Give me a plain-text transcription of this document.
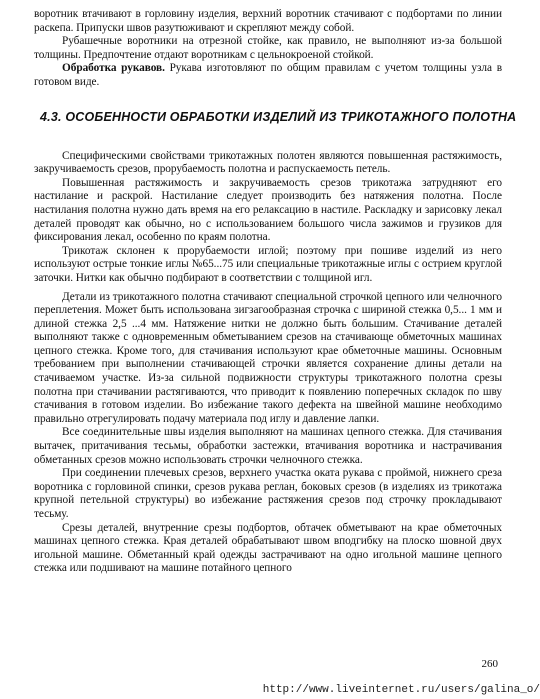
воротник втачивают в горловину изделия, верхний воротник стачивают с подбортами по линии раскепа. Припуски швов разутюживают и скрепляют между собой.

Рубашечные воротники на отрезной стойке, как правило, не выполняют из-за большой толщины. Предпочтение отдают воротникам с цельнокроеной стойкой.

Обработка рукавов. Рукава изготовляют по общим правилам с учетом толщины узла в готовом виде.

4.3. ОСОБЕННОСТИ ОБРАБОТКИ ИЗДЕЛИЙ ИЗ ТРИКОТАЖНОГО ПОЛОТНА

Специфическими свойствами трикотажных полотен являются повышенная растяжимость, закручиваемость срезов, прорубаемость полотна и распускаемость петель.

Повышенная растяжимость и закручиваемость срезов трикотажа затрудняют его настилание и раскрой. Настилание следует производить без натяжения полотна. После настилания полотна нужно дать время на его релаксацию в настиле. Раскладку и зарисовку лекал деталей проводят как обычно, но с использованием большого числа зажимов и грузиков для фиксирования лекал, особенно по краям полотна.

Трикотаж склонен к прорубаемости иглой; поэтому при пошиве изделий из него используют острые тонкие иглы №65...75 или специальные трикотажные иглы с острием круглой заточки. Нитки как обычно подбирают в соответствии с толщиной игл.

Детали из трикотажного полотна стачивают специальной строчкой цепного или челночного переплетения. Может быть использована зигзагообразная строчка с шириной стежка 0,5... 1 мм и длиной стежка 2,5 ...4 мм. Натяжение нитки не должно быть большим. Стачивание деталей выполняют также с одновременным обметыванием срезов на стачивающе обметочных машинах цепного стежка. Кроме того, для стачивания используют крае обметочные машины. Основным требованием при выполнении стачивающей строчки является сохранение длины детали на стачиваемом участке. Из-за сильной подвижности структуры трикотажного полотна срезы полотна при стачивании растягиваются, что приводит к появлению поперечных складок по шву стачивания в готовом изделии. Во избежание такого дефекта на швейной машине необходимо правильно отрегулировать подачу материала под иглу и давление лапки.

Все соединительные швы изделия выполняют на машинах цепного стежка. Для стачивания вытачек, притачивания тесьмы, обработки застежки, втачивания воротника и настрачивания обметанных срезов можно использовать строчки челночного стежка.

При соединении плечевых срезов, верхнего участка оката рукава с проймой, нижнего среза воротника с горловиной спинки, срезов рукава реглан, боковых срезов (в изделиях из трикотажа крупной петельной структуры) во избежание растяжения срезов под строчку прокладывают тесьму.

Срезы деталей, внутренние срезы подбортов, обтачек обметывают на крае обметочных машинах цепного стежка. Края деталей обрабатывают швом вподгибку на плоско шовной двух игольной машине. Обметанный край одежды застрачивают на одно игольной машине цепного стежка или подшивают на машине потайного цепного

260
http://www.liveinternet.ru/users/galina_o/
